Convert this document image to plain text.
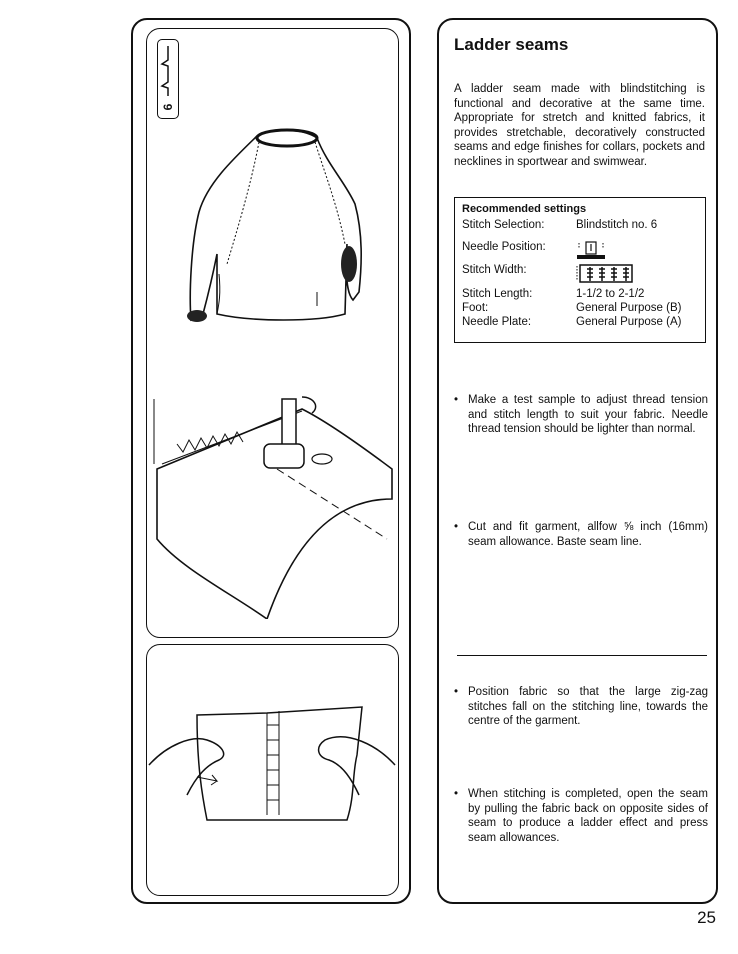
6
Ladder seams

A ladder seam made with blindstitching is functional and decorative at the same time. Appropriate for stretch and knitted fabrics, it provides stretchable, decoratively constructed seams and edge finishes for collars, pockets and necklines in sportwear and swimwear.

Recommended settings
Stitch Selection:	Blindstitch no. 6
Needle Position:
Stitch Width:
Stitch Length:	1-1/2 to 2-1/2
Foot:	General Purpose (B)
Needle Plate:	General Purpose (A)
• Make a test sample to adjust thread tension and stitch length to suit your fabric. Needle thread tension should be lighter than normal.
• Cut and fit garment, allfow ⅝ inch (16mm) seam allowance. Baste seam line.
• Position fabric so that the large zig-zag stitches fall on the stitching line, towards the centre of the garment.
• When stitching is completed, open the seam by pulling the fabric back on opposite sides of seam to produce a ladder effect and press seam allowances.
25
